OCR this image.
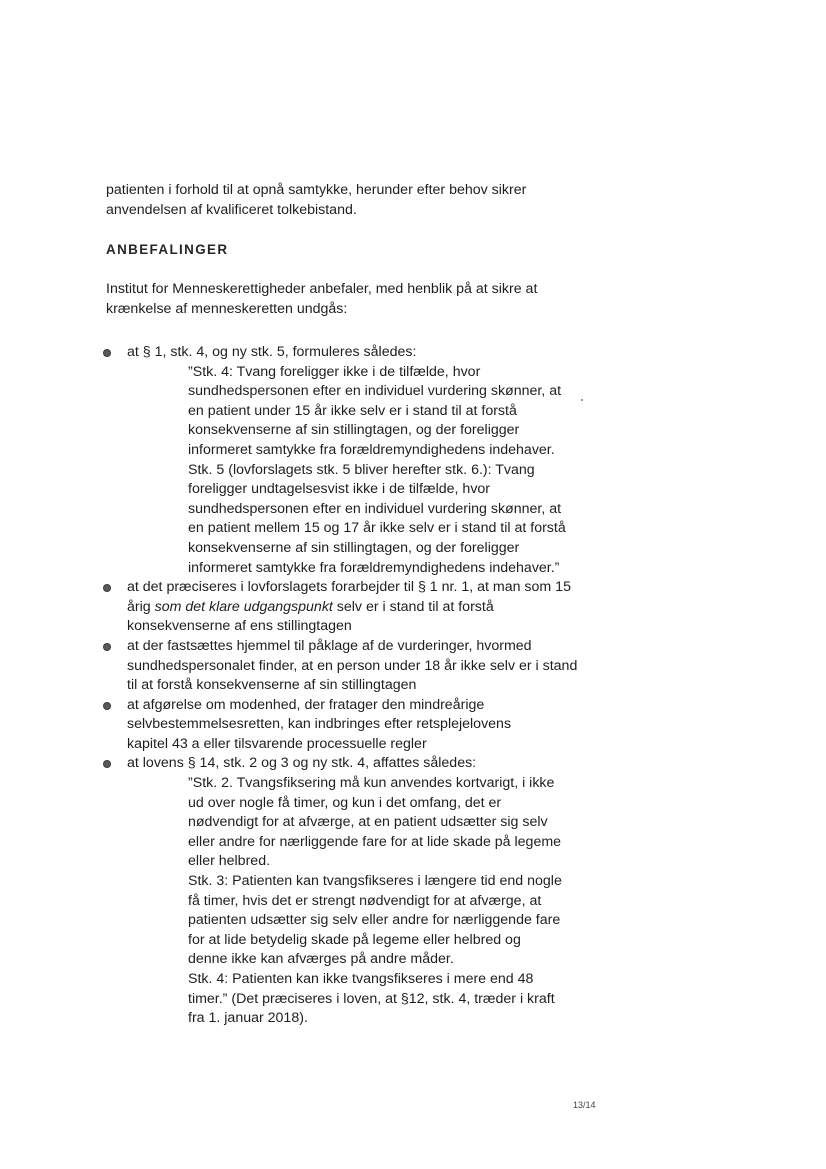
patienten i forhold til at opnå samtykke, herunder efter behov sikrer anvendelsen af kvalificeret tolkebistand.

ANBEFALINGER

Institut for Menneskerettigheder anbefaler, med henblik på at sikre at krænkelse af menneskeretten undgås:

at § 1, stk. 4, og ny stk. 5, formuleres således:

”Stk. 4: Tvang foreligger ikke i de tilfælde, hvor sundhedspersonen efter en individuel vurdering skønner, at en patient under 15 år ikke selv er i stand til at forstå konsekvenserne af sin stillingtagen, og der foreligger informeret samtykke fra forældremyndighedens indehaver.

Stk. 5 (lovforslagets stk. 5 bliver herefter stk. 6.): Tvang foreligger undtagelsesvist ikke i de tilfælde, hvor sundhedspersonen efter en individuel vurdering skønner, at en patient mellem 15 og 17 år ikke selv er i stand til at forstå konsekvenserne af sin stillingtagen, og der foreligger informeret samtykke fra forældremyndighedens indehaver.”

at det præciseres i lovforslagets forarbejder til § 1 nr. 1, at man som 15 årig som det klare udgangspunkt selv er i stand til at forstå konsekvenserne af ens stillingtagen

at der fastsættes hjemmel til påklage af de vurderinger, hvormed sundhedspersonalet finder, at en person under 18 år ikke selv er i stand til at forstå konsekvenserne af sin stillingtagen

at afgørelse om modenhed, der fratager den mindreårige selvbestemmelsesretten, kan indbringes efter retsplejelovens kapitel 43 a eller tilsvarende processuelle regler

at lovens § 14, stk. 2 og 3 og ny stk. 4, affattes således:

”Stk. 2. Tvangsfiksering må kun anvendes kortvarigt, i ikke ud over nogle få timer, og kun i det omfang, det er nødvendigt for at afværge, at en patient udsætter sig selv eller andre for nærliggende fare for at lide skade på legeme eller helbred.

Stk. 3: Patienten kan tvangsfikseres i længere tid end nogle få timer, hvis det er strengt nødvendigt for at afværge, at patienten udsætter sig selv eller andre for nærliggende fare for at lide betydelig skade på legeme eller helbred og denne ikke kan afværges på andre måder.

Stk. 4: Patienten kan ikke tvangsfikseres i mere end 48 timer.” (Det præciseres i loven, at §12, stk. 4, træder i kraft fra 1. januar 2018).

13/14
